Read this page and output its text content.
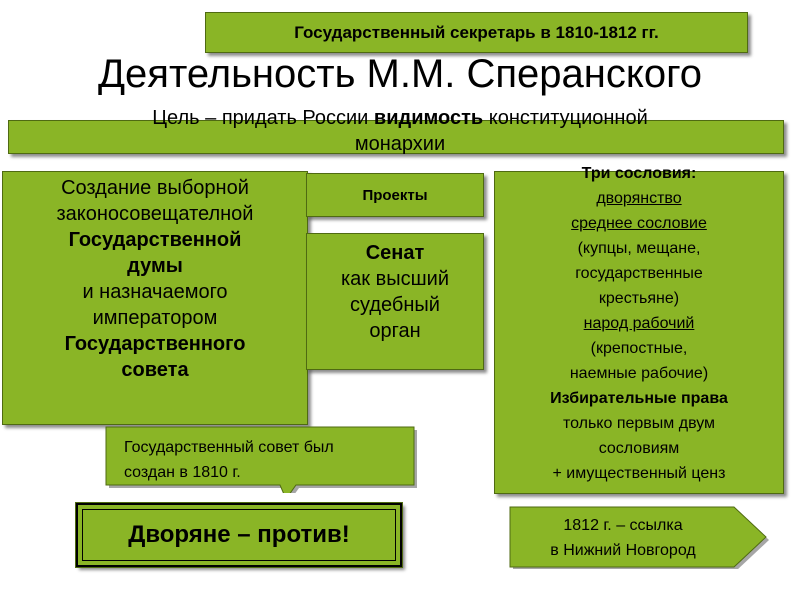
Государственный секретарь в 1810-1812 гг.
Деятельность М.М. Сперанского
Цель – придать России видимость конституционной
монархии
Создание выборной
законосовещателной
Государственной
думы
и назначаемого
императором
Государственного
совета
Проекты
Сенат
как высший
судебный
орган
Три сословия:
дворянство
среднее сословие
(купцы, мещане,
государственные
крестьяне)
народ рабочий
(крепостные,
наемные рабочие)
Избирательные права
только первым двум
сословиям
+ имущественный ценз
Государственный совет был
создан в 1810 г.
Дворяне – против!	1812 г. – ссылка
в Нижний Новгород
